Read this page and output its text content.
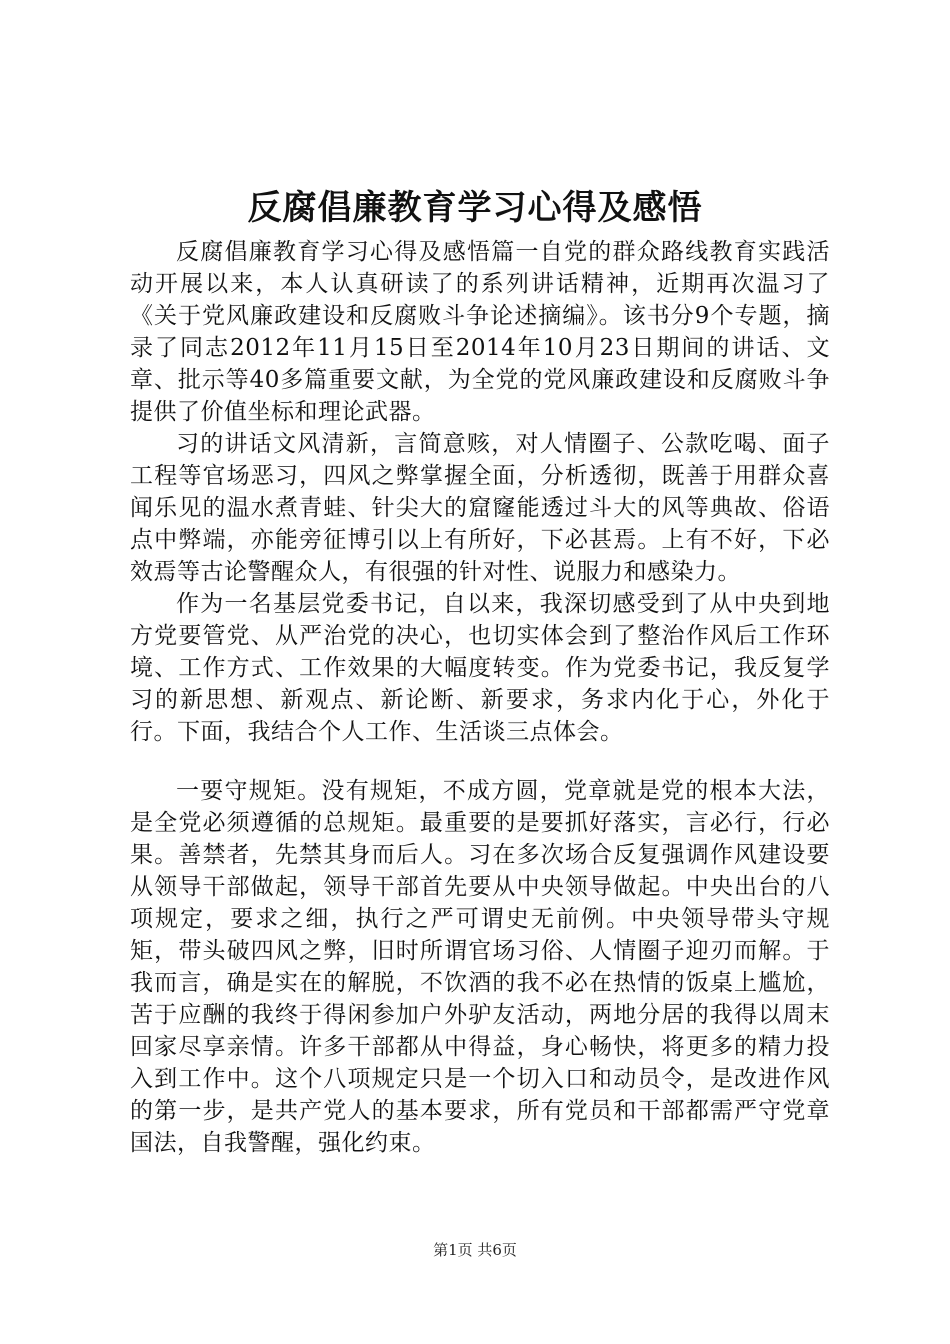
反腐倡廉教育学习心得及感悟

反腐倡廉教育学习心得及感悟篇一自党的群众路线教育实践活动开展以来，本人认真研读了的系列讲话精神，近期再次温习了《关于党风廉政建设和反腐败斗争论述摘编》。该书分9个专题，摘录了同志2012年11月15日至2014年10月23日期间的讲话、文章、批示等40多篇重要文献，为全党的党风廉政建设和反腐败斗争提供了价值坐标和理论武器。

习的讲话文风清新，言简意赅，对人情圈子、公款吃喝、面子工程等官场恶习，四风之弊掌握全面，分析透彻，既善于用群众喜闻乐见的温水煮青蛙、针尖大的窟窿能透过斗大的风等典故、俗语点中弊端，亦能旁征博引以上有所好，下必甚焉。上有不好，下必效焉等古论警醒众人，有很强的针对性、说服力和感染力。

作为一名基层党委书记，自以来，我深切感受到了从中央到地方党要管党、从严治党的决心，也切实体会到了整治作风后工作环境、工作方式、工作效果的大幅度转变。作为党委书记，我反复学习的新思想、新观点、新论断、新要求，务求内化于心，外化于行。下面，我结合个人工作、生活谈三点体会。

一要守规矩。没有规矩，不成方圆，党章就是党的根本大法，是全党必须遵循的总规矩。最重要的是要抓好落实，言必行，行必果。善禁者，先禁其身而后人。习在多次场合反复强调作风建设要从领导干部做起，领导干部首先要从中央领导做起。中央出台的八项规定，要求之细，执行之严可谓史无前例。中央领导带头守规矩，带头破四风之弊，旧时所谓官场习俗、人情圈子迎刃而解。于我而言，确是实在的解脱，不饮酒的我不必在热情的饭桌上尴尬，苦于应酬的我终于得闲参加户外驴友活动，两地分居的我得以周末回家尽享亲情。许多干部都从中得益，身心畅快，将更多的精力投入到工作中。这个八项规定只是一个切入口和动员令，是改进作风的第一步，是共产党人的基本要求，所有党员和干部都需严守党章国法，自我警醒，强化约束。

第1页 共6页
